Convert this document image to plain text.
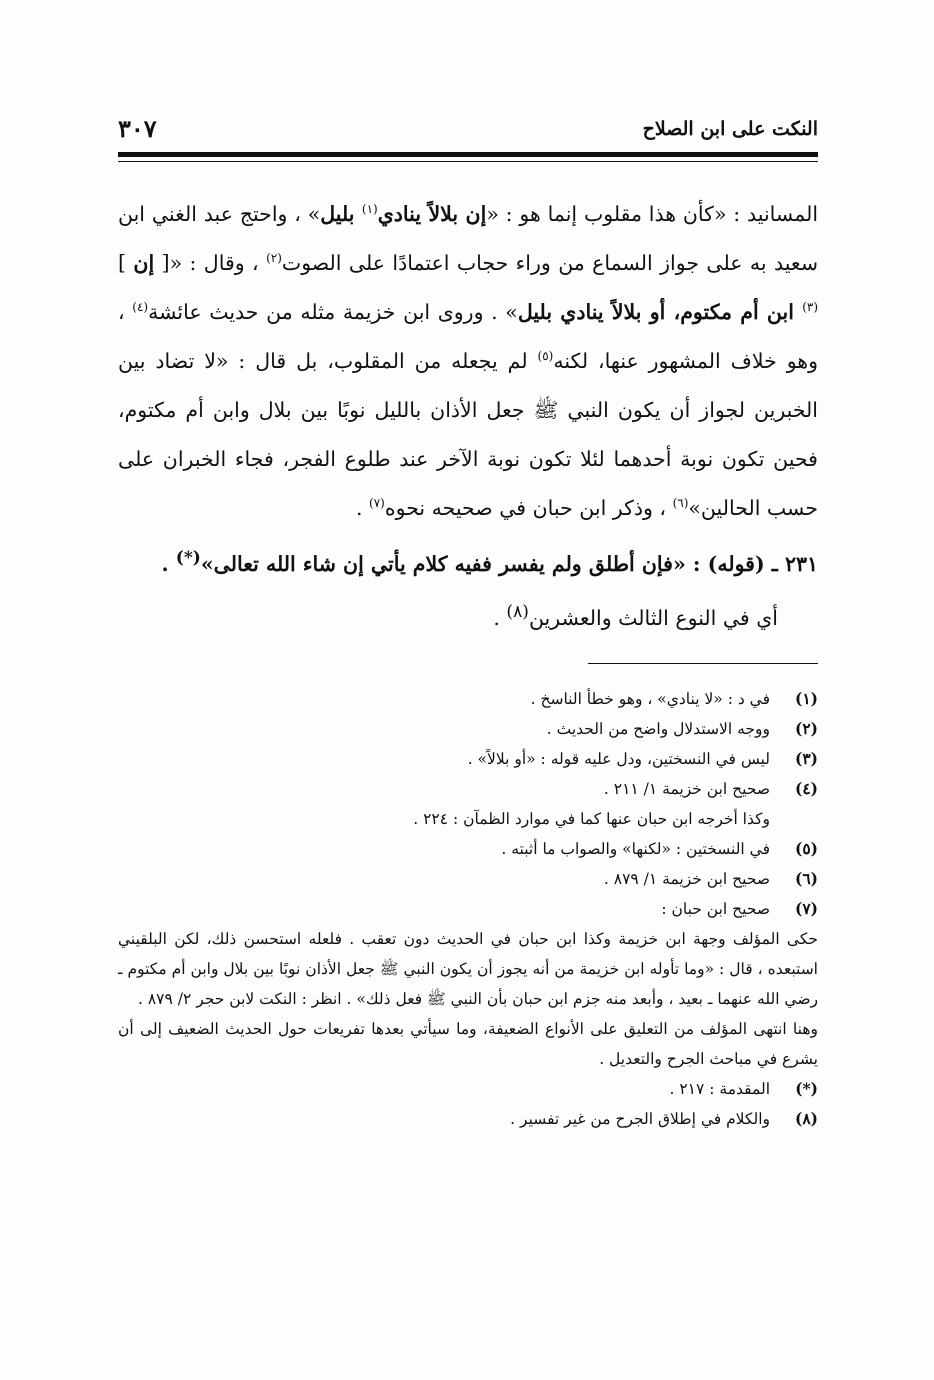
النكت على ابن الصلاح
٣٠٧

المسانيد : «كأن هذا مقلوب إنما هو : «إن بلالاً ينادي$^{(١)}$ بليل» ، واحتج عبد الغني ابن سعيد به على جواز السماع من وراء حجاب اعتمادًا على الصوت$^{(٢)}$ ، وقال : «[ إن ]$^{(٣)}$ ابن أم مكتوم، أو بلالاً ينادي بليل» . وروى ابن خزيمة مثله من حديث عائشة$^{(٤)}$ ، وهو خلاف المشهور عنها، لكنه$^{(٥)}$ لم يجعله من المقلوب، بل قال : «لا تضاد بين الخبرين لجواز أن يكون النبي ﷺ جعل الأذان بالليل نوبًا بين بلال وابن أم مكتوم، فحين تكون نوبة أحدهما لئلا تكون نوبة الآخر عند طلوع الفجر، فجاء الخبران على حسب الحالين»$^{(٦)}$ ، وذكر ابن حبان في صحيحه نحوه$^{(٧)}$ .

٢٣١ ـ (قوله) : «فإن أطلق ولم يفسر ففيه كلام يأتي إن شاء الله تعالى»(*) .
أي في النوع الثالث والعشرين$^{(٨)}$ .

(١)في د : «لا ينادي» ، وهو خطأ الناسخ .

(٢)ووجه الاستدلال واضح من الحديث .

(٣)ليس في النسختين، ودل عليه قوله : «أو بلالاً» .

(٤)صحيح ابن خزيمة ١/ ٢١١ .

وكذا أخرجه ابن حبان عنها كما في موارد الظمآن : ٢٢٤ .

(٥)في النسختين : «لكنها» والصواب ما أثبته .

(٦)صحيح ابن خزيمة ١/ ٨٧٩ .

(٧)صحيح ابن حبان :

حكى المؤلف وجهة ابن خزيمة وكذا ابن حبان في الحديث دون تعقب . فلعله استحسن ذلك، لكن البلقيني استبعده ، قال : «وما تأوله ابن خزيمة من أنه يجوز أن يكون النبي ﷺ جعل الأذان نوبًا بين بلال وابن أم مكتوم ـ رضي الله عنهما ـ بعيد ، وأبعد منه جزم ابن حبان بأن النبي ﷺ فعل ذلك» . انظر : النكت لابن حجر ٢/ ٨٧٩ .

وهنا انتهى المؤلف من التعليق على الأنواع الضعيفة، وما سيأتي بعدها تفريعات حول الحديث الضعيف إلى أن يشرع في مباحث الجرح والتعديل .

(*)المقدمة : ٢١٧ .

(٨)والكلام في إطلاق الجرح من غير تفسير .
